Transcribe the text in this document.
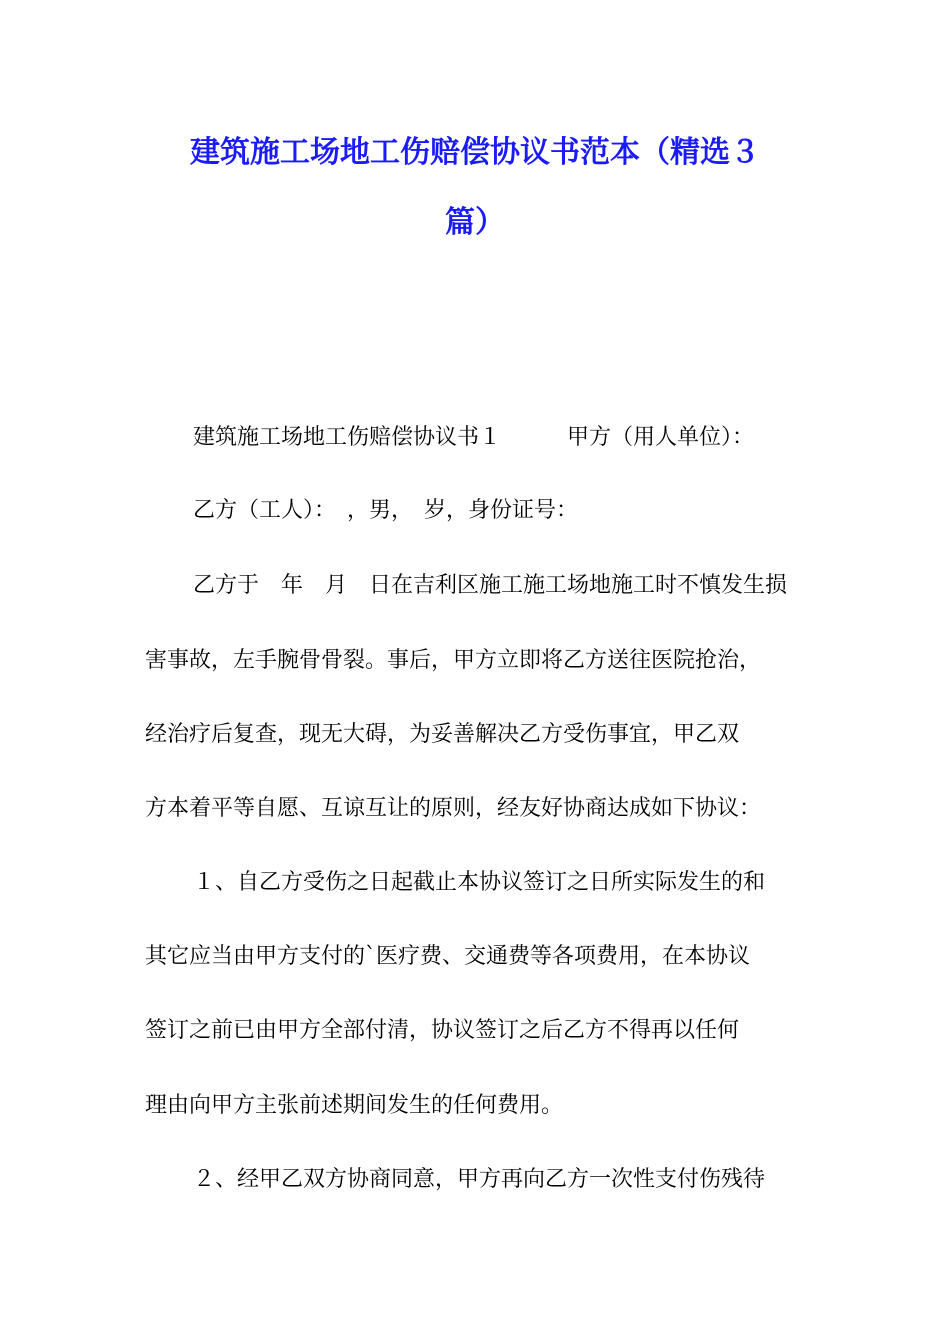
建筑施工场地工伤赔偿协议书范本（精选３
篇）
建筑施工场地工伤赔偿协议书１　　　甲方（用人单位）：
乙方（工人）：　，男，　岁，身份证号：
乙方于　年　月　日在吉利区施工施工场地施工时不慎发生损
害事故，左手腕骨骨裂。事后，甲方立即将乙方送往医院抢治，
经治疗后复查，现无大碍，为妥善解决乙方受伤事宜，甲乙双
方本着平等自愿、互谅互让的原则，经友好协商达成如下协议：
１、自乙方受伤之日起截止本协议签订之日所实际发生的和
其它应当由甲方支付的`医疗费、交通费等各项费用，在本协议
签订之前已由甲方全部付清，协议签订之后乙方不得再以任何
理由向甲方主张前述期间发生的任何费用。
２、经甲乙双方协商同意，甲方再向乙方一次性支付伤残待
